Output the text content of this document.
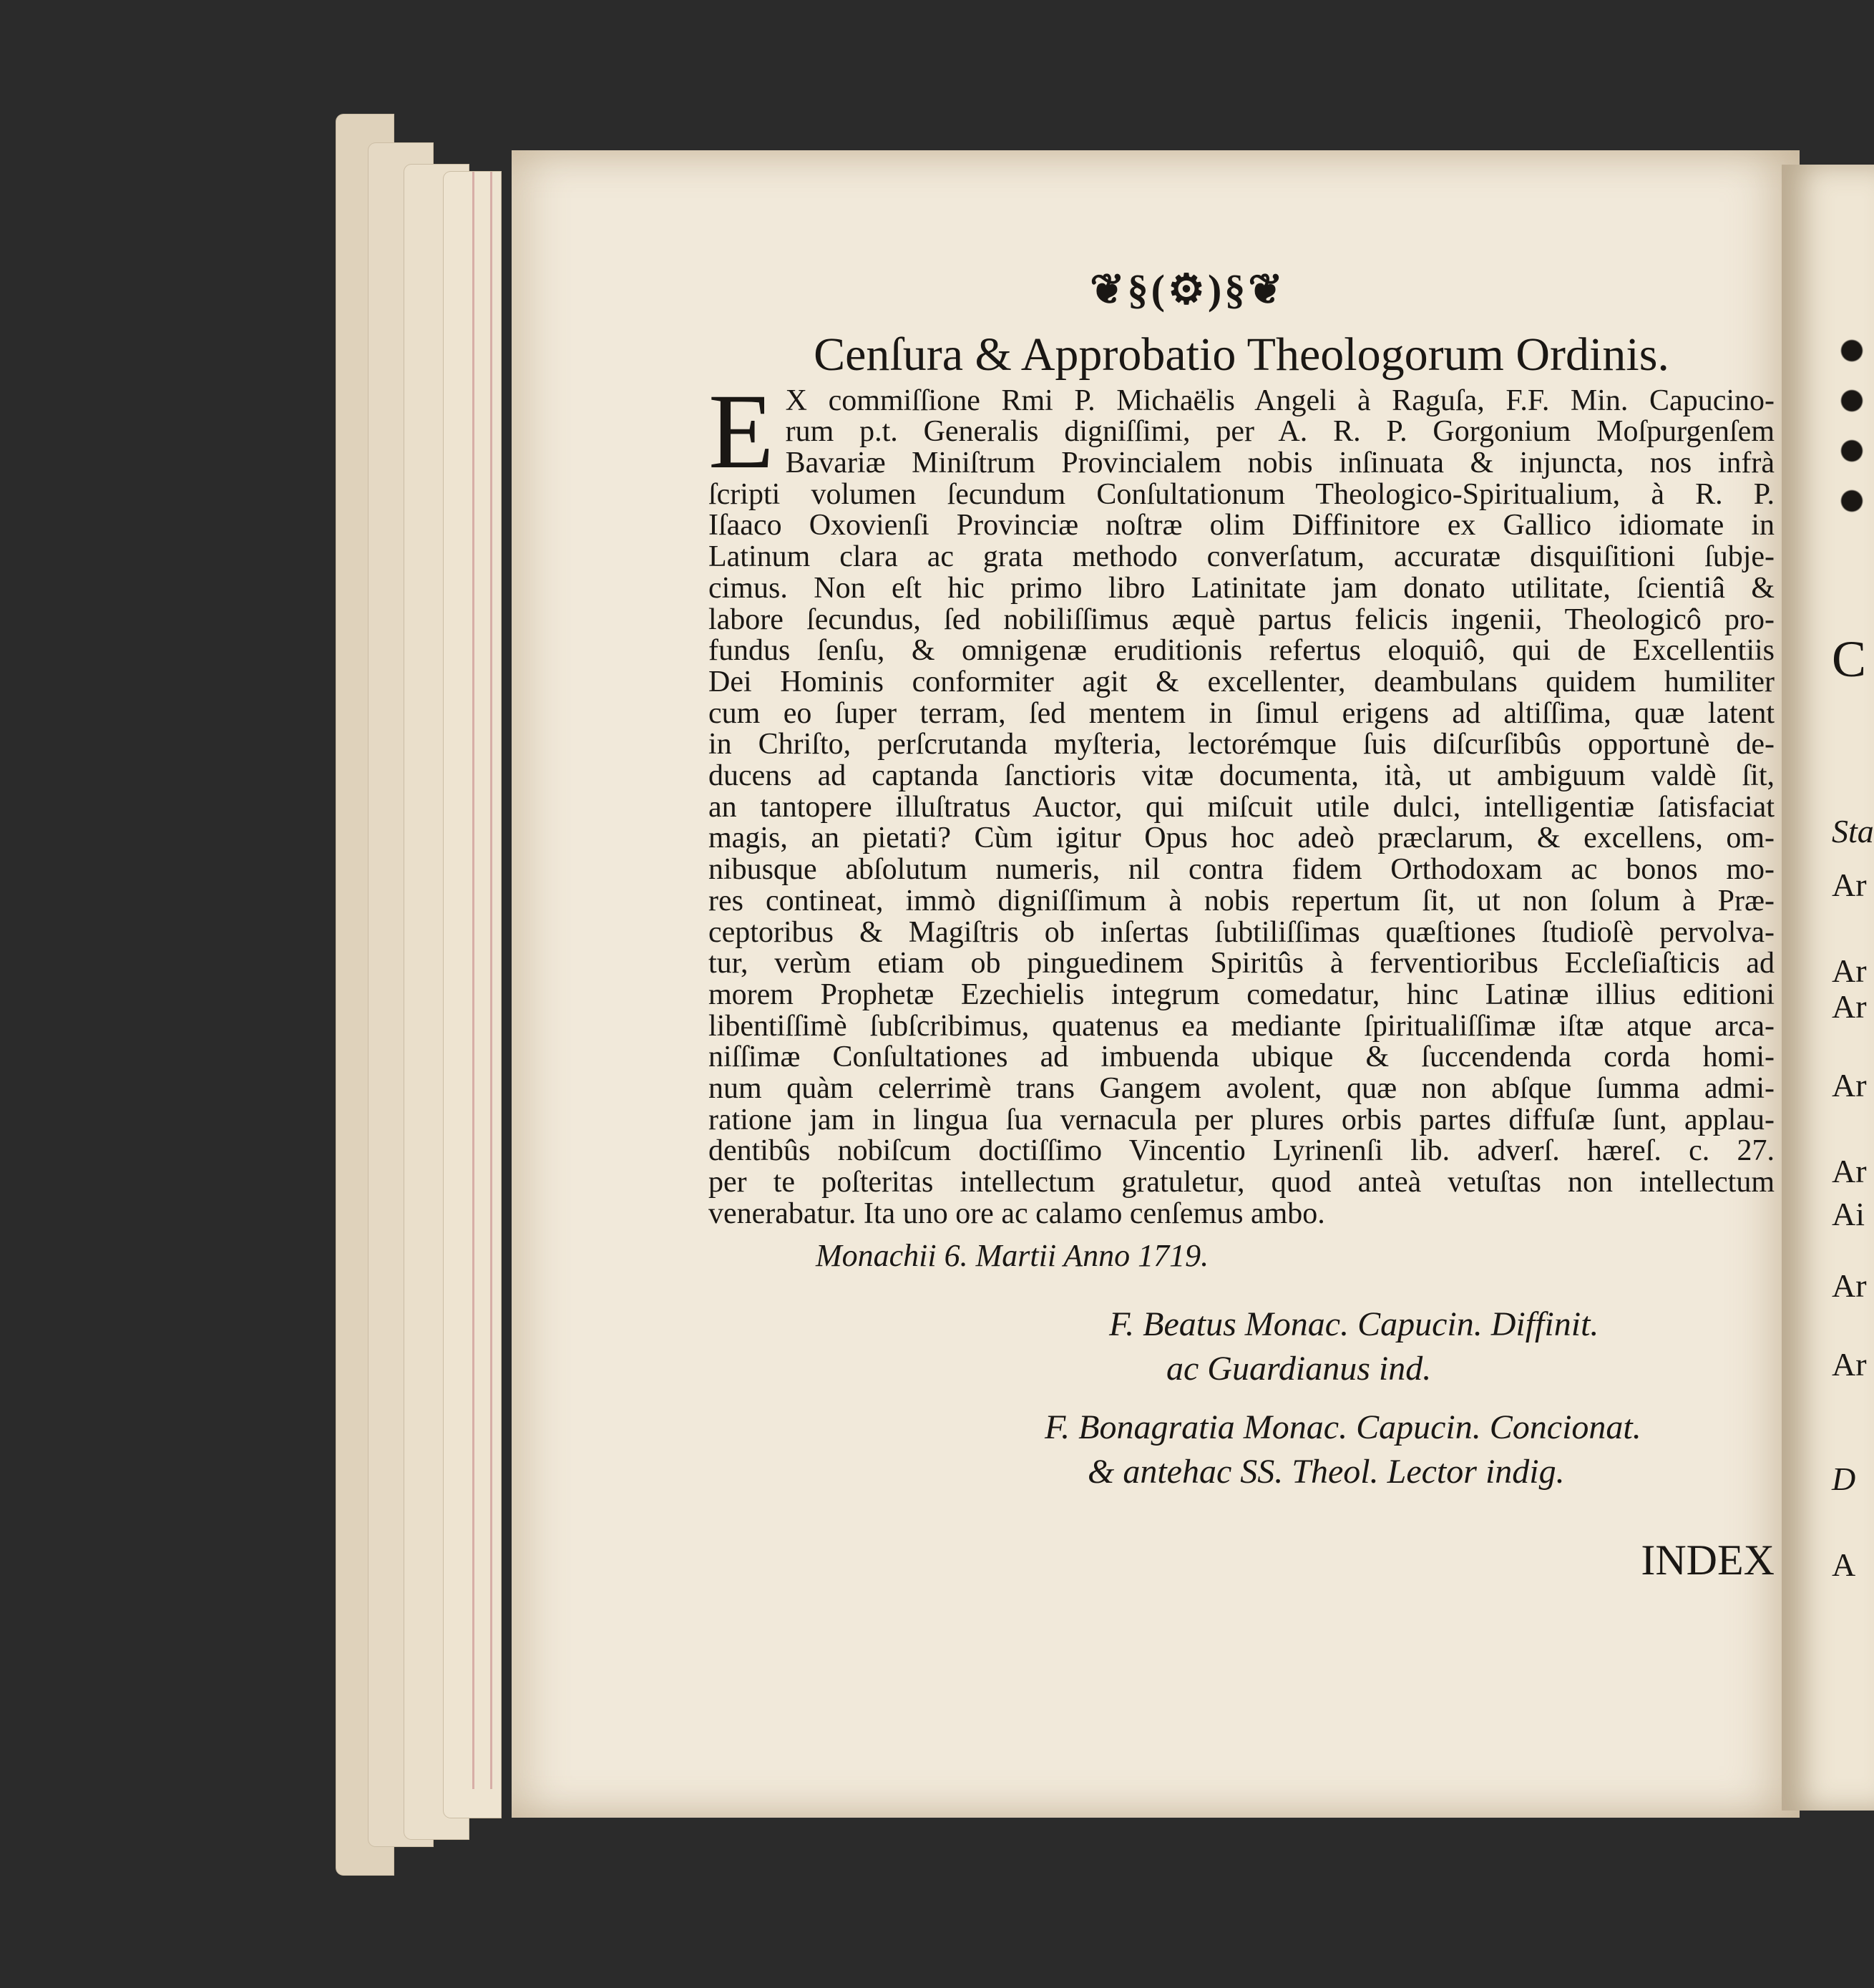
❦§(⚙)§❦
Cenſura & Approbatio Theologorum Ordinis.
E X commiſſione Rmi P. Michaëlis Angeli à Raguſa, F.F. Min. Capucino-
rum p.t. Generalis digniſſimi, per A. R. P. Gorgonium Moſpurgenſem
Bavariæ Miniſtrum Provincialem nobis inſinuata & injuncta, nos infrà
ſcripti volumen ſecundum Conſultationum Theologico-Spiritualium, à R. P.
Iſaaco Oxovienſi Provinciæ noſtræ olim Diffinitore ex Gallico idiomate in
Latinum clara ac grata methodo converſatum, accuratæ disquiſitioni ſubje-
cimus. Non eſt hic primo libro Latinitate jam donato utilitate, ſcientiâ &
labore ſecundus, ſed nobiliſſimus æquè partus felicis ingenii, Theologicô pro-
fundus ſenſu, & omnigenæ eruditionis refertus eloquiô, qui de Excellentiis
Dei Hominis conformiter agit & excellenter, deambulans quidem humiliter
cum eo ſuper terram, ſed mentem in ſimul erigens ad altiſſima, quæ latent
in Chriſto, perſcrutanda myſteria, lectorémque ſuis diſcurſibûs opportunè de-
ducens ad captanda ſanctioris vitæ documenta, ità, ut ambiguum valdè ſit,
an tantopere illuſtratus Auctor, qui miſcuit utile dulci, intelligentiæ ſatisfaciat
magis, an pietati? Cùm igitur Opus hoc adeò præclarum, & excellens, om-
nibusque abſolutum numeris, nil contra fidem Orthodoxam ac bonos mo-
res contineat, immò digniſſimum à nobis repertum ſit, ut non ſolum à Præ-
ceptoribus & Magiſtris ob inſertas ſubtiliſſimas quæſtiones ſtudioſè pervolva-
tur, verùm etiam ob pinguedinem Spiritûs à ferventioribus Eccleſiaſticis ad
morem Prophetæ Ezechielis integrum comedatur, hinc Latinæ illius editioni
libentiſſimè ſubſcribimus, quatenus ea mediante ſpiritualiſſimæ iſtæ atque arca-
niſſimæ Conſultationes ad imbuenda ubique & ſuccendenda corda homi-
num quàm celerrimè trans Gangem avolent, quæ non abſque ſumma admi-
ratione jam in lingua ſua vernacula per plures orbis partes diffuſæ ſunt, applau-
dentibûs nobiſcum doctiſſimo Vincentio Lyrinenſi lib. adverſ. hæreſ. c. 27.
per te poſteritas intellectum gratuletur, quod anteà vetuſtas non intellectum
venerabatur. Ita uno ore ac calamo cenſemus ambo.
Monachii 6. Martii Anno 1719.
F. Beatus Monac. Capucin. Diffinit.
ac Guardianus ind.
F. Bonagratia Monac. Capucin. Concionat.
& antehac SS. Theol. Lector indig.
INDEX
C
Sta
Ar
Ar
Ar
Ar
Ar
Ai
Ar
Ar
D
A
